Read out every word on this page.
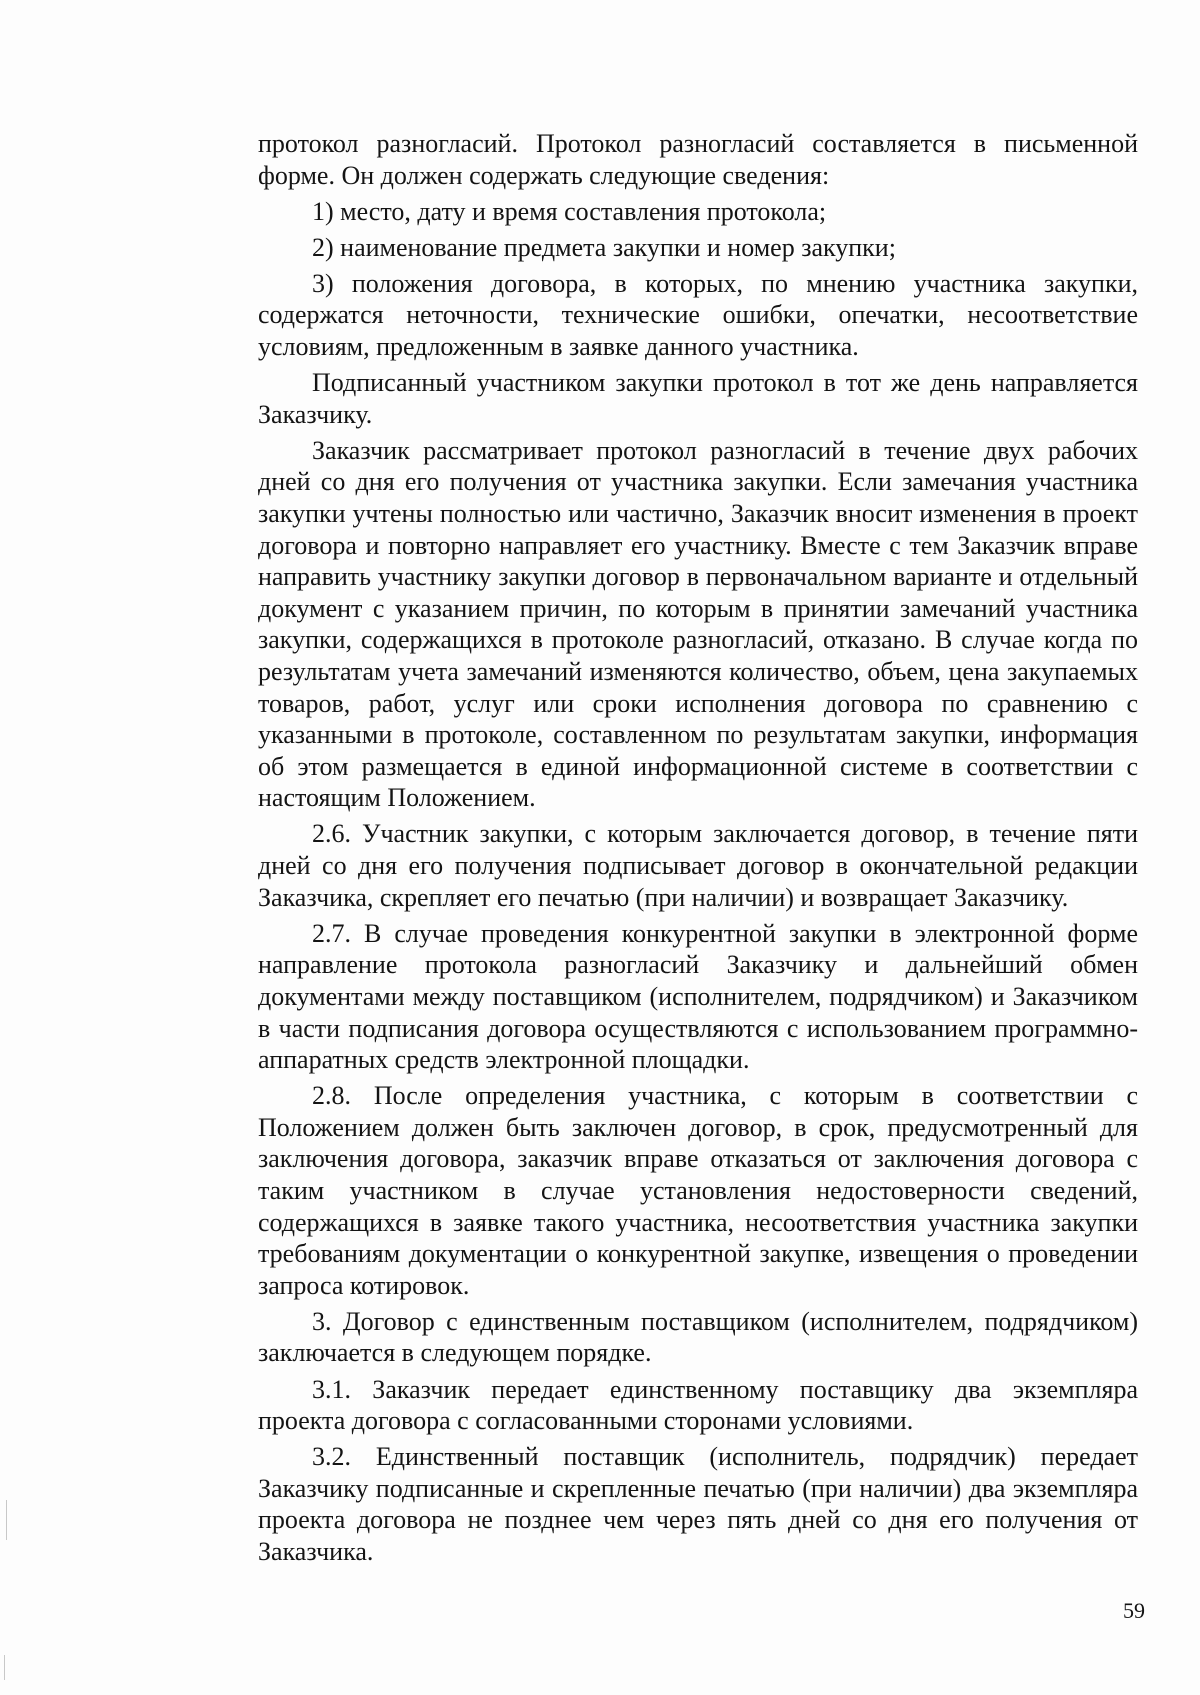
протокол разногласий. Протокол разногласий составляется в письменной форме. Он должен содержать следующие сведения:

1) место, дату и время составления протокола;

2) наименование предмета закупки и номер закупки;

3) положения договора, в которых, по мнению участника закупки, содержатся неточности, технические ошибки, опечатки, несоответствие условиям, предложенным в заявке данного участника.

Подписанный участником закупки протокол в тот же день направляется Заказчику.

Заказчик рассматривает протокол разногласий в течение двух рабочих дней со дня его получения от участника закупки. Если замечания участника закупки учтены полностью или частично, Заказчик вносит изменения в проект договора и повторно направляет его участнику. Вместе с тем Заказчик вправе направить участнику закупки договор в первоначальном варианте и отдельный документ с указанием причин, по которым в принятии замечаний участника закупки, содержащихся в протоколе разногласий, отказано. В случае когда по результатам учета замечаний изменяются количество, объем, цена закупаемых товаров, работ, услуг или сроки исполнения договора по сравнению с указанными в протоколе, составленном по результатам закупки, информация об этом размещается в единой информационной системе в соответствии с настоящим Положением.

2.6. Участник закупки, с которым заключается договор, в течение пяти дней со дня его получения подписывает договор в окончательной редакции Заказчика, скрепляет его печатью (при наличии) и возвращает Заказчику.

2.7. В случае проведения конкурентной закупки в электронной форме направление протокола разногласий Заказчику и дальнейший обмен документами между поставщиком (исполнителем, подрядчиком) и Заказчиком в части подписания договора осуществляются с использованием программно-аппаратных средств электронной площадки.

2.8. После определения участника, с которым в соответствии с Положением должен быть заключен договор, в срок, предусмотренный для заключения договора, заказчик вправе отказаться от заключения договора с таким участником в случае установления недостоверности сведений, содержащихся в заявке такого участника, несоответствия участника закупки требованиям документации о конкурентной закупке, извещения о проведении запроса котировок.

3. Договор с единственным поставщиком (исполнителем, подрядчиком) заключается в следующем порядке.

3.1. Заказчик передает единственному поставщику два экземпляра проекта договора с согласованными сторонами условиями.

3.2. Единственный поставщик (исполнитель, подрядчик) передает Заказчику подписанные и скрепленные печатью (при наличии) два экземпляра проекта договора не позднее чем через пять дней со дня его получения от Заказчика.

59
